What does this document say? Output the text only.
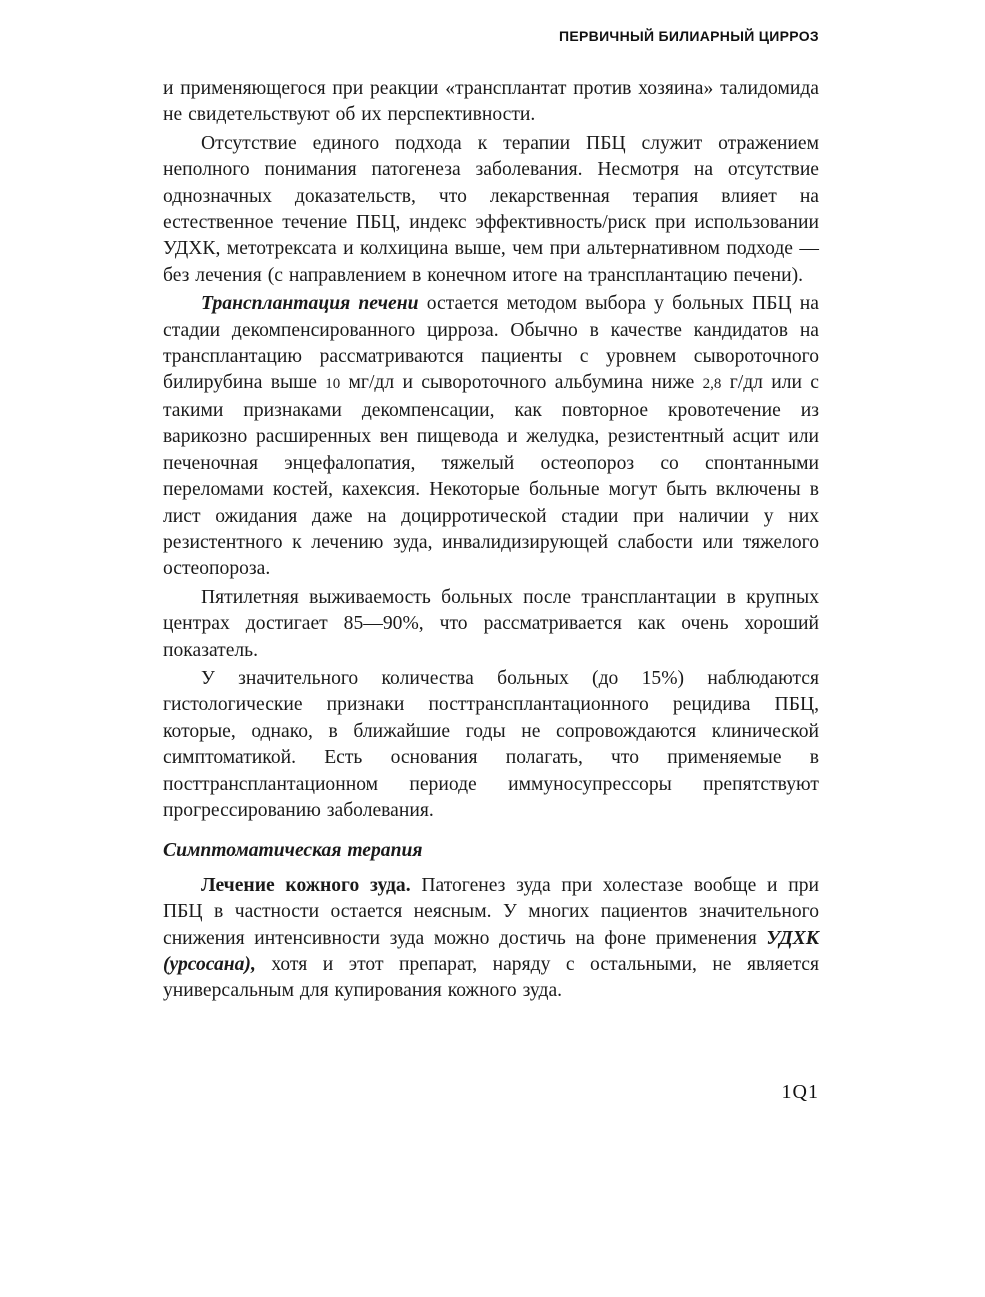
ПЕРВИЧНЫЙ БИЛИАРНЫЙ ЦИРРОЗ

и применяющегося при реакции «трансплантат против хозяина» талидомида не свидетельствуют об их перспективности.

Отсутствие единого подхода к терапии ПБЦ служит отражением неполного понимания патогенеза заболевания. Несмотря на отсутствие однозначных доказательств, что лекарственная терапия влияет на естественное течение ПБЦ, индекс эффективность/риск при использовании УДХК, метотрексата и колхицина выше, чем при альтернативном подходе — без лечения (с направлением в конечном итоге на трансплантацию печени).

Трансплантация печени остается методом выбора у больных ПБЦ на стадии декомпенсированного цирроза. Обычно в качестве кандидатов на трансплантацию рассматриваются пациенты с уровнем сывороточного билирубина выше 10 мг/дл и сывороточного альбумина ниже 2,8 г/дл или с такими признаками декомпенсации, как повторное кровотечение из варикозно расширенных вен пищевода и желудка, резистентный асцит или печеночная энцефалопатия, тяжелый остеопороз со спонтанными переломами костей, кахексия. Некоторые больные могут быть включены в лист ожидания даже на доцирротической стадии при наличии у них резистентного к лечению зуда, инвалидизирующей слабости или тяжелого остеопороза.

Пятилетняя выживаемость больных после трансплантации в крупных центрах достигает 85—90%, что рассматривается как очень хороший показатель.

У значительного количества больных (до 15%) наблюдаются гистологические признаки посттрансплантационного рецидива ПБЦ, которые, однако, в ближайшие годы не сопровождаются клинической симптоматикой. Есть основания полагать, что применяемые в посттрансплантационном периоде иммуносупрессоры препятствуют прогрессированию заболевания.

Симптоматическая терапия

Лечение кожного зуда. Патогенез зуда при холестазе вообще и при ПБЦ в частности остается неясным. У многих пациентов значительного снижения интенсивности зуда можно достичь на фоне применения УДХК (урсосана), хотя и этот препарат, наряду с остальными, не является универсальным для купирования кожного зуда.

1Q1
